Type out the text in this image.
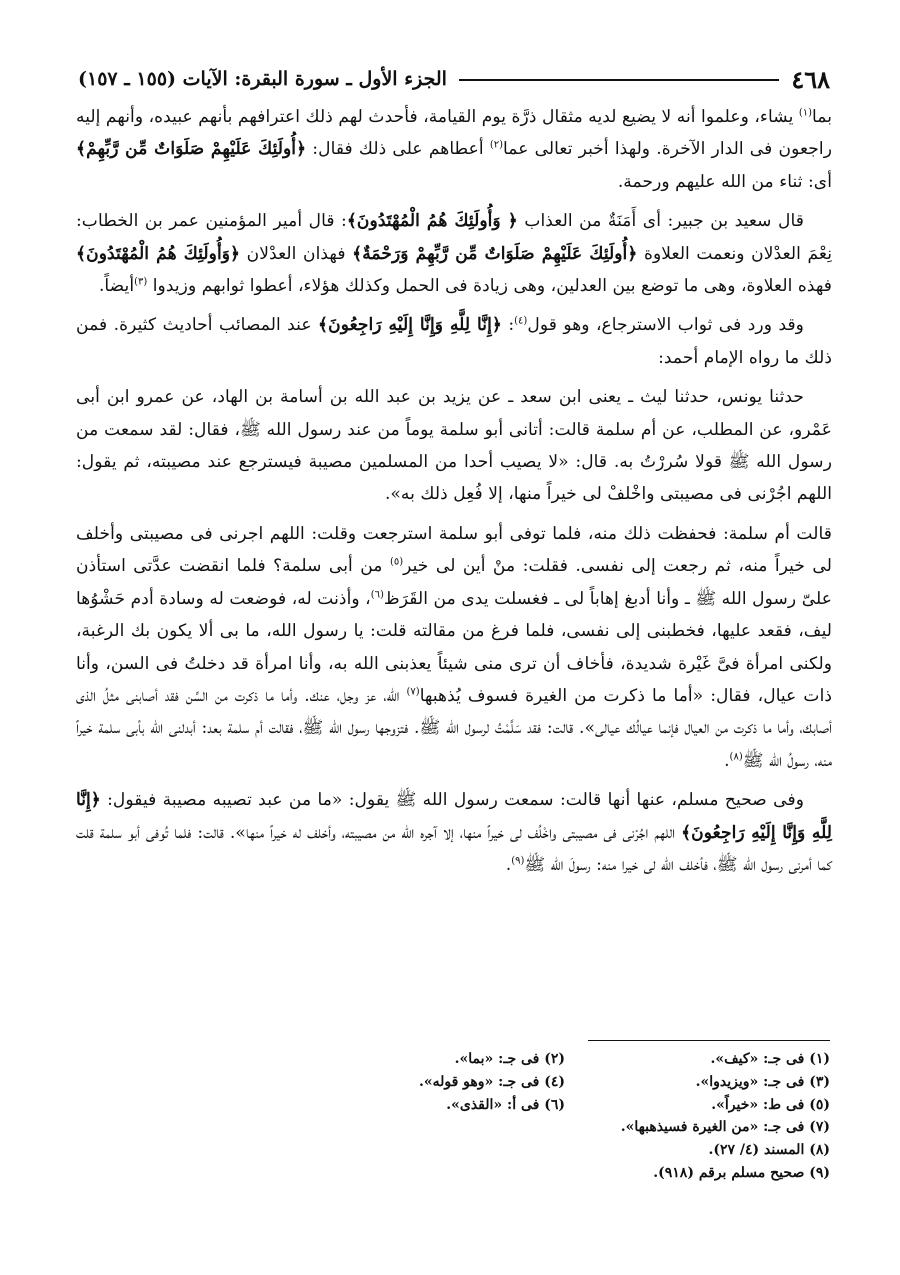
٤٦٨
الجزء الأول ـ سورة البقرة: الآيات (١٥٥ ـ ١٥٧)

بما$^{(١)}$ يشاء، وعلموا أنه لا يضيع لديه مثقال ذرَّة يوم القيامة، فأحدث لهم ذلك اعترافهم بأنهم عبيده، وأنهم إليه راجعون فى الدار الآخرة. ولهذا أخبر تعالى عما$^{(٢)}$ أعطاهم على ذلك فقال: ﴿أُولَئِكَ عَلَيْهِمْ صَلَوَاتٌ مِّن رَّبِّهِمْ﴾ أى: ثناء من الله عليهم ورحمة.

قال سعيد بن جبير: أى أَمَنَةٌ من العذاب ﴿ وَأُولَئِكَ هُمُ الْمُهْتَدُونَ﴾: قال أمير المؤمنين عمر بن الخطاب: نِعْمَ العدْلان ونعمت العلاوة ﴿أُولَئِكَ عَلَيْهِمْ صَلَوَاتٌ مِّن رَّبِّهِمْ وَرَحْمَةٌ﴾ فهذان العدْلان ﴿وَأُولَئِكَ هُمُ الْمُهْتَدُونَ﴾ فهذه العلاوة، وهى ما توضع بين العدلين، وهى زيادة فى الحمل وكذلك هؤلاء، أعطوا ثوابهم وزيدوا $^{(٣)}$أيضاً.

وقد ورد فى ثواب الاسترجاع، وهو قول$^{(٤)}$: ﴿إِنَّا لِلَّهِ وَإِنَّا إِلَيْهِ رَاجِعُونَ﴾ عند المصائب أحاديث كثيرة. فمن ذلك ما رواه الإمام أحمد:

حدثنا يونس، حدثنا ليث ـ يعنى ابن سعد ـ عن يزيد بن عبد الله بن أسامة بن الهاد، عن عمرو ابن أبى عَمْرو، عن المطلب، عن أم سلمة قالت: أتانى أبو سلمة يوماً من عند رسول الله ﷺ، فقال: لقد سمعت من رسول الله ﷺ قولا سُررْتُ به. قال: «لا يصيب أحدا من المسلمين مصيبة فيسترجع عند مصيبته، ثم يقول: اللهم اجُرْنى فى مصيبتى واخْلفْ لى خيراً منها، إلا فُعِل ذلك به».

قالت أم سلمة: فحفظت ذلك منه، فلما توفى أبو سلمة استرجعت وقلت: اللهم اجرنى فى مصيبتى وأخلف لى خيراً منه، ثم رجعت إلى نفسى. فقلت: منْ أين لى خير$^{(٥)}$ من أبى سلمة؟ فلما انقضت عدَّتى استأذن علىّ رسول الله ﷺ ـ وأنا أدبغ إهاباً لى ـ فغسلت يدى من القَرَظ$^{(٦)}$، وأذنت له، فوضعت له وسادة أدم حَشْوُها ليف، فقعد عليها، فخطبنى إلى نفسى، فلما فرغ من مقالته قلت: يا رسول الله، ما بى ألا يكون بك الرغبة، ولكنى امرأة فىَّ غَيْرة شديدة، فأخاف أن ترى منى شيئاً يعذبنى الله به، وأنا امرأة قد دخلتُ فى السن، وأنا ذات عيال، فقال: «أما ما ذكرت من الغيرة فسوف يُذهبها$^{(٧)}$ الله، عز وجل، عنك. وأما ما ذكرت من السِّن فقد أصابنى مثلُ الذى أصابك، وأما ما ذكرت من العيال فإنما عيالُك عيالى». قالت: فقد سَلَّمْتُ لرسول الله ﷺ. فتزوجها رسول الله ﷺ، فقالت أم سلمة بعد: أبدلنى الله بأبى سلمة خيراً منه، رسولُ الله ﷺ$^{(٨)}$.

وفى صحيح مسلم، عنها أنها قالت: سمعت رسول الله ﷺ يقول: «ما من عبد تصيبه مصيبة فيقول: ﴿إِنَّا لِلَّهِ وَإِنَّا إِلَيْهِ رَاجِعُونَ﴾ اللهم اجُرْنى فى مصيبتى واخْلُف لى خيراً منها، إلا آجره الله من مصيبته، وأخلف له خيراً منها». قالت: فلما تُوفى أبو سلمة قلت كما أمرنى رسول الله ﷺ، فأخلف الله لى خيرا منه: رسولَ الله ﷺ$^{(٩)}$.

(١) فى جـ: «كيف».
(٢) فى جـ: «بما».
(٣) فى جـ: «ويزيدوا».
(٤) فى جـ: «وهو قوله».
(٥) فى ط: «خيراً».
(٦) فى أ: «القذى».
(٧) فى جـ: «من الغيرة فسيذهبها».
(٨) المسند (٤/ ٢٧).
(٩) صحيح مسلم برقم (٩١٨).
